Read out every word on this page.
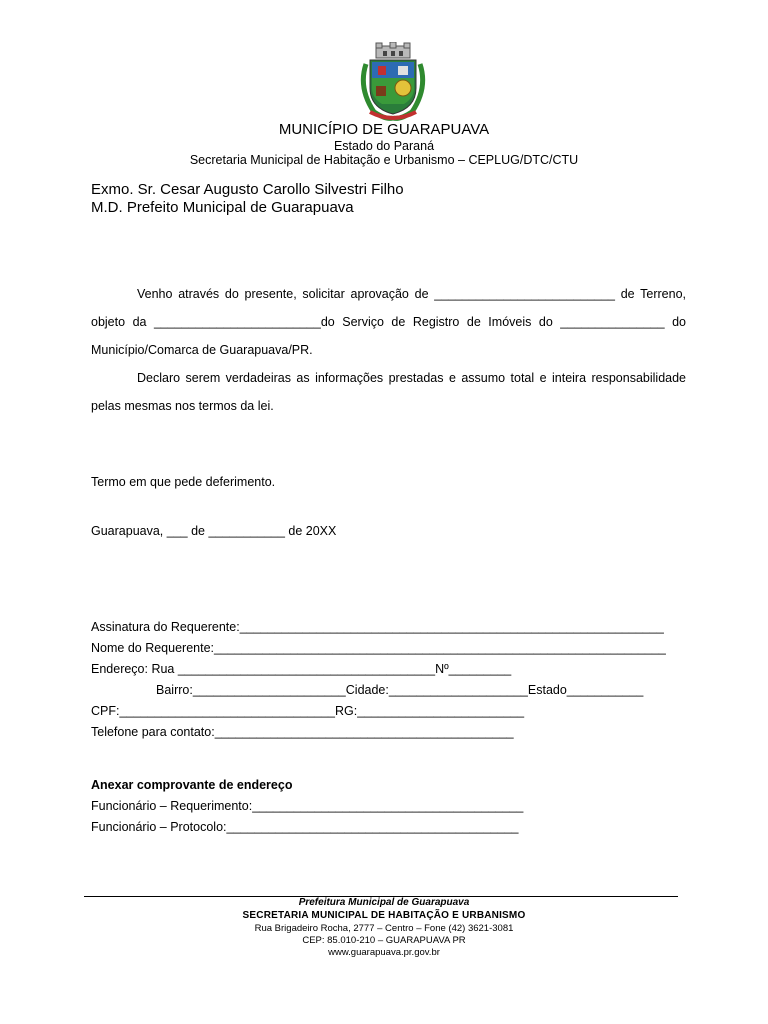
MUNICÍPIO DE GUARAPUAVA
Estado do Paraná
Secretaria Municipal de Habitação e Urbanismo – CEPLUG/DTC/CTU
Exmo. Sr. Cesar Augusto Carollo Silvestri Filho
M.D. Prefeito Municipal de Guarapuava
Venho através do presente, solicitar aprovação de __________________________ de Terreno,
objeto da ________________________do Serviço de Registro de Imóveis do _______________ do
Município/Comarca de Guarapuava/PR.
Declaro serem verdadeiras as informações prestadas e assumo total e inteira responsabilidade
pelas mesmas nos termos da lei.
Termo em que pede deferimento.
Guarapuava, ___ de ___________ de 20XX
Assinatura do Requerente:_____________________________________________________________
Nome do Requerente:_________________________________________________________________
Endereço: Rua _____________________________________Nº_________
Bairro:______________________Cidade:____________________Estado___________
CPF:_______________________________RG:________________________
Telefone para contato:___________________________________________
Anexar comprovante de endereço
Funcionário – Requerimento:_______________________________________
Funcionário – Protocolo:__________________________________________
Prefeitura Municipal de Guarapuava
SECRETARIA MUNICIPAL DE HABITAÇÃO E URBANISMO
Rua Brigadeiro Rocha, 2777 – Centro – Fone (42) 3621-3081
CEP: 85.010-210 – GUARAPUAVA PR
www.guarapuava.pr.gov.br
